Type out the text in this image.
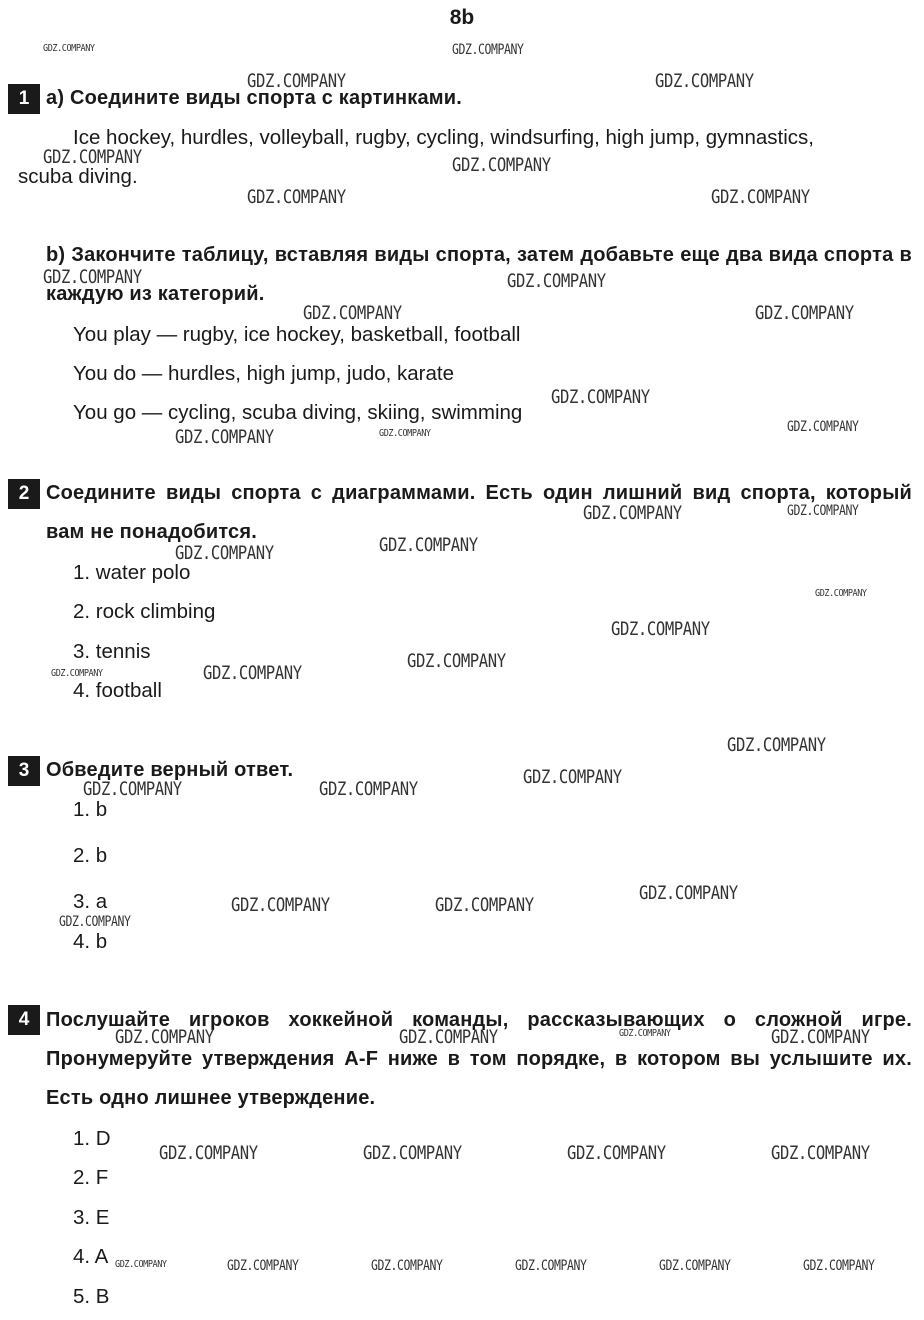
8b
1 а) Соедините виды спорта с картинками.
Ice hockey, hurdles, volleyball, rugby, cycling, windsurfing, high jump, gymnastics,
scuba diving.
b) Закончите таблицу, вставляя виды спорта, затем добавьте еще два вида спорта в каждую из категорий.
You play — rugby, ice hockey, basketball, football
You do — hurdles, high jump, judo, karate
You go — cycling, scuba diving, skiing, swimming
2 Соедините виды спорта с диаграммами. Есть один лишний вид спорта, который вам не понадобится.
1. water polo
2. rock climbing
3. tennis
4. football
3 Обведите верный ответ.
1. b
2. b
3. a
4. b
4 Послушайте игроков хоккейной команды, рассказывающих о сложной игре. Пронумеруйте утверждения A-F ниже в том порядке, в котором вы услышите их. Есть одно лишнее утверждение.
1. D
2. F
3. E
4. A
5. B
GDZ.COMPANY	GDZ.COMPANY
GDZ.COMPANY	GDZ.COMPANY
GDZ.COMPANY	GDZ.COMPANY
GDZ.COMPANY	GDZ.COMPANY
GDZ.COMPANY	GDZ.COMPANY
GDZ.COMPANY	GDZ.COMPANY
GDZ.COMPANY
GDZ.COMPANY	GDZ.COMPANY	GDZ.COMPANY
GDZ.COMPANY	GDZ.COMPANY
GDZ.COMPANY	GDZ.COMPANY
GDZ.COMPANY
GDZ.COMPANY
GDZ.COMPANY
GDZ.COMPANY	GDZ.COMPANY
GDZ.COMPANY
GDZ.COMPANY
GDZ.COMPANY	GDZ.COMPANY
GDZ.COMPANY
GDZ.COMPANY	GDZ.COMPANY
GDZ.COMPANY
GDZ.COMPANY	GDZ.COMPANY	GDZ.COMPANY	GDZ.COMPANY
GDZ.COMPANY	GDZ.COMPANY	GDZ.COMPANY	GDZ.COMPANY
GDZ.COMPANY	GDZ.COMPANY	GDZ.COMPANY	GDZ.COMPANY	GDZ.COMPANY	GDZ.COMPANY
